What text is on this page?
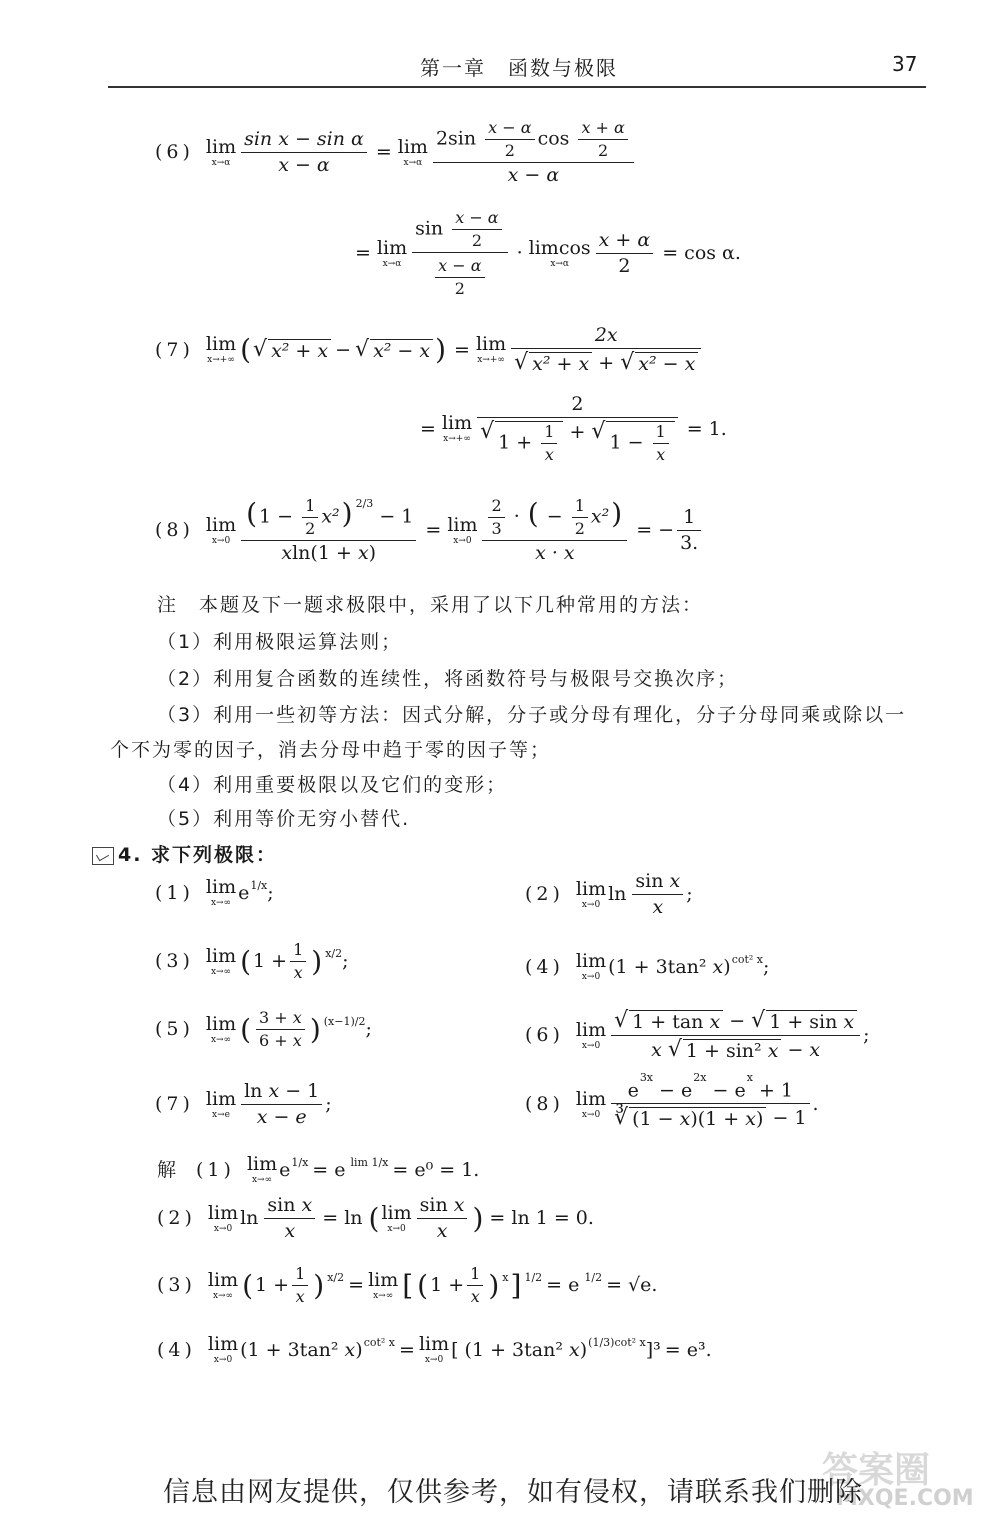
第一章　函数与极限	37
(6) lim
$x\to\alpha \frac{\text{sin x − sin α}}{x - \alpha} = \lim$
$x\to\alpha \frac{2\sin \frac{x - \alpha}{2} \cos \frac{x + \alpha}{2}}{x - \alpha}$
= lim
$x\to\alpha \frac{\sin \frac{x - \alpha}{2}}{\frac{x - \alpha}{2}} \cdot limcos$
$x\to\alpha \frac{x + \alpha}{2} = \cos \alpha$.
(7) lim
x→+∞ ( √ x² + x − √ x² − x ) = lim
$x\to+\infty \frac{2x}{\text{√ x² + x + √ x² − x}}$
= lim
$x\to+\infty \frac{2}{√ 1 + \frac{1}{x} + √ 1 - \frac{1}{x}} = 1$.
(8) lim
$x\to 0 \frac{( 1 - \frac{1}{2} x^2) ^{2/3} - 1}{xln(1 + x)} = \lim$
$x\to 0 \frac{\frac{2}{3} \cdot ( - \frac{1}{2} x^2)}{x \cdot x}$ = − $\frac{1}{3.}$
注　本题及下一题求极限中，采用了以下几种常用的方法：
（1）利用极限运算法则；
（2）利用复合函数的连续性，将函数符号与极限号交换次序；
（3）利用一些初等方法：因式分解，分子或分母有理化，分子分母同乘或除以一
个不为零的因子，消去分母中趋于零的因子等；
（4）利用重要极限以及它们的变形；
（5）利用等价无穷小替代.
4. 求下列极限：
(1) lim
x→∞ e 1/x ;
(3) lim
x→∞ ( $1 + \frac{1}{x}$ ) x/2 ;
(5) lim
x→∞ ( $\frac{3 + x}{6 + x}$ ) (x−1)/2 ;
(7) lim
$x\to e \frac{\text{ln x − 1}}{x - e}$ ;
(2) lim
x→0 $\ln \frac{\text{sin x}}{x}$ ;
(4) lim
x→0 (1 + 3tan² x) cot² x ;
(6) lim
$x\to 0 \frac{\text{√ 1 + tan x − √ 1 + sin x}}{\text{x √ 1 + sin² x − x}}$ ;
(8) lim
$x\to 0 \frac{e^{3x} - e^{2x} - e^x + 1}{∛ (1 - x)(1 + x) - 1}$ .
解 (1) lim
x→∞ e 1/x = e lim 1/x = e⁰ = 1.
(2) lim
x→0 $\ln \frac{\text{sin x}}{x} = \ln$ ( lim
$x\to 0 \frac{\text{sin x}}{x}$ ) = ln 1 = 0.
(3) lim
x→∞ ( $1 + \frac{1}{x}$ ) x/2 = lim
x→∞ [ ( $1 + \frac{1}{x}$ ) x ] 1/2 = e 1/2 = √e.
(4) lim
x→0 (1 + 3tan² x) cot² x = lim
x→0 [ (1 + 3tan² x) (1/3)cot² x ]³ = e³.
答案圈
MXQE.COM
信息由网友提供，仅供参考，如有侵权，请联系我们删除
